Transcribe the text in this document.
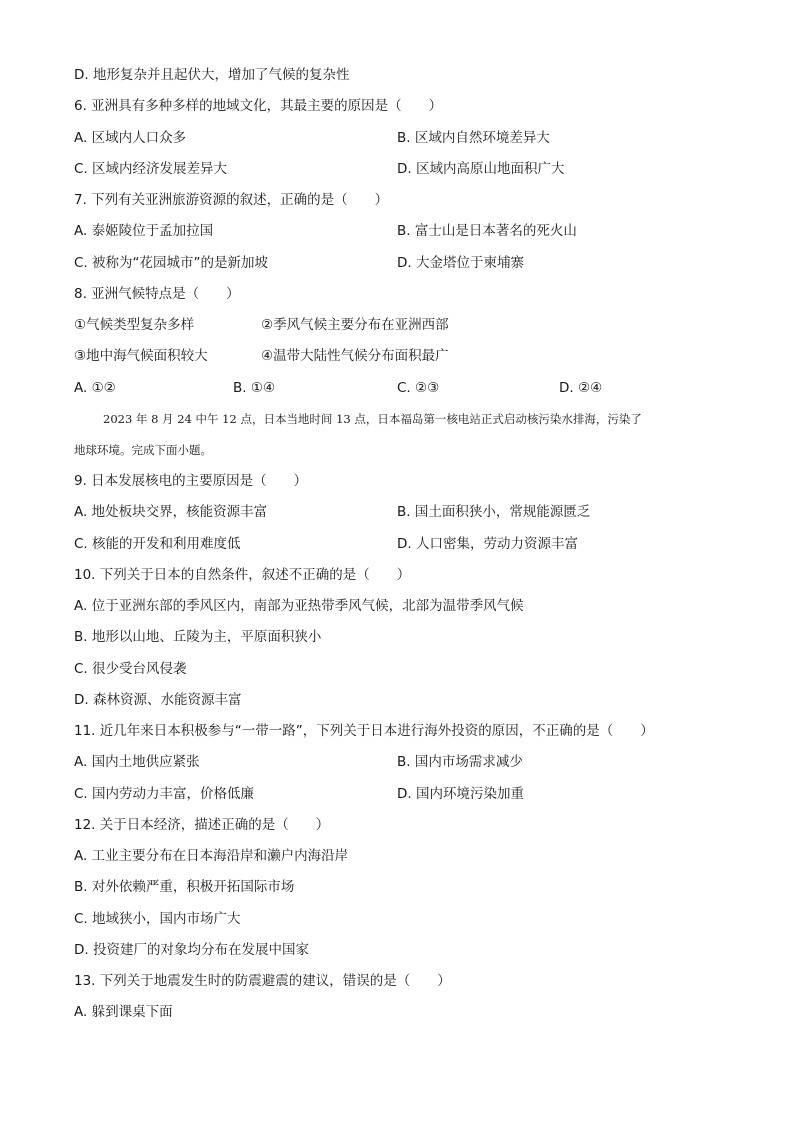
D. 地形复杂并且起伏大，增加了气候的复杂性
6. 亚洲具有多种多样的地域文化，其最主要的原因是（　　）
A. 区域内人口众多	B. 区域内自然环境差异大
C. 区域内经济发展差异大	D. 区域内高原山地面积广大
7. 下列有关亚洲旅游资源的叙述，正确的是（　　）
A. 泰姬陵位于孟加拉国	B. 富士山是日本著名的死火山
C. 被称为“花园城市”的是新加坡	D. 大金塔位于柬埔寨
8. 亚洲气候特点是（　　）
①气候类型复杂多样	②季风气候主要分布在亚洲西部
③地中海气候面积较大	④温带大陆性气候分布面积最广
A. ①②	B. ①④	C. ②③	D. ②④
2023 年 8 月 24 中午 12 点，日本当地时间 13 点，日本福岛第一核电站正式启动核污染水排海，污染了
地球环境。完成下面小题。
9. 日本发展核电的主要原因是（　　）
A. 地处板块交界，核能资源丰富	B. 国土面积狭小，常规能源匮乏
C. 核能的开发和利用难度低	D. 人口密集，劳动力资源丰富
10. 下列关于日本的自然条件，叙述不正确的是（　　）
A. 位于亚洲东部的季风区内，南部为亚热带季风气候，北部为温带季风气候
B. 地形以山地、丘陵为主，平原面积狭小
C. 很少受台风侵袭
D. 森林资源、水能资源丰富
11. 近几年来日本积极参与“一带一路”，下列关于日本进行海外投资的原因，不正确的是（　　）
A. 国内土地供应紧张	B. 国内市场需求减少
C. 国内劳动力丰富，价格低廉	D. 国内环境污染加重
12. 关于日本经济，描述正确的是（　　）
A. 工业主要分布在日本海沿岸和濑户内海沿岸
B. 对外依赖严重，积极开拓国际市场
C. 地域狭小，国内市场广大
D. 投资建厂的对象均分布在发展中国家
13. 下列关于地震发生时的防震避震的建议，错误的是（　　）
A. 躲到课桌下面
